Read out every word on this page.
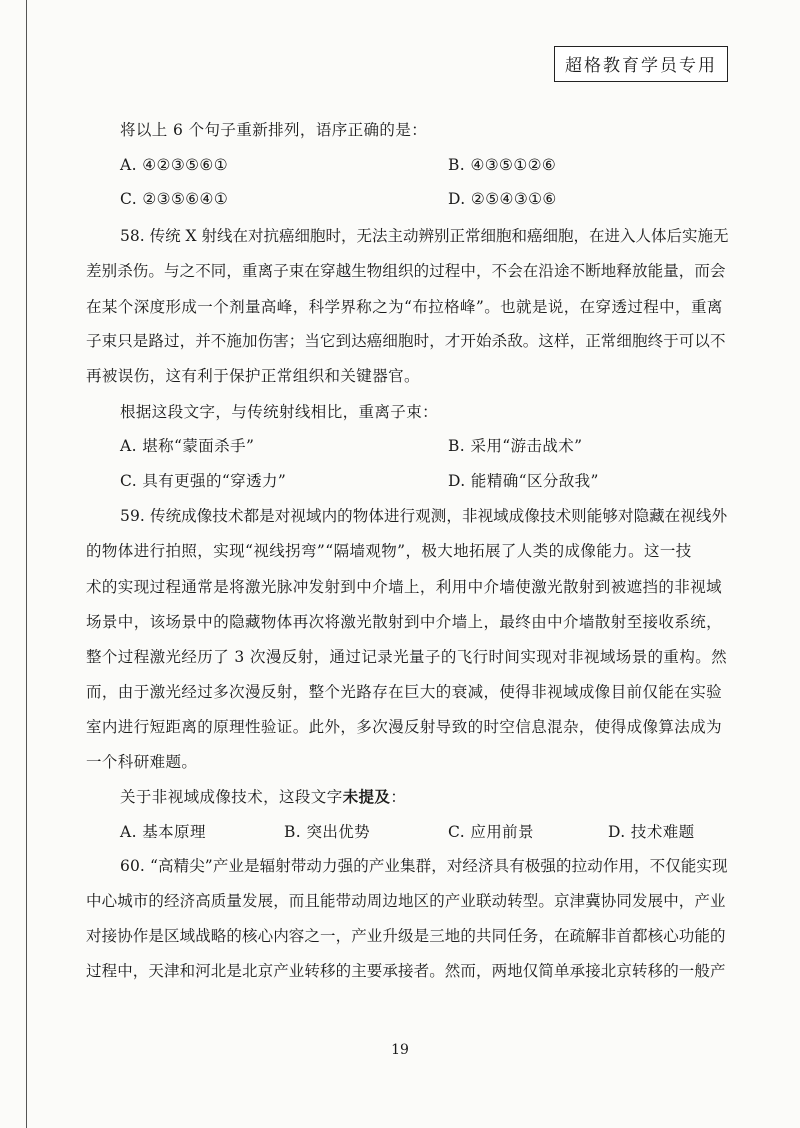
超格教育学员专用
将以上 6 个句子重新排列，语序正确的是：
A. ④②③⑤⑥①	B. ④③⑤①②⑥
C. ②③⑤⑥④①	D. ②⑤④③①⑥
58. 传统 X 射线在对抗癌细胞时，无法主动辨别正常细胞和癌细胞，在进入人体后实施无
差别杀伤。与之不同，重离子束在穿越生物组织的过程中，不会在沿途不断地释放能量，而会
在某个深度形成一个剂量高峰，科学界称之为“布拉格峰”。也就是说，在穿透过程中，重离
子束只是路过，并不施加伤害；当它到达癌细胞时，才开始杀敌。这样，正常细胞终于可以不
再被误伤，这有利于保护正常组织和关键器官。
根据这段文字，与传统射线相比，重离子束：
A. 堪称“蒙面杀手”	B. 采用“游击战术”
C. 具有更强的“穿透力”	D. 能精确“区分敌我”
59. 传统成像技术都是对视域内的物体进行观测，非视域成像技术则能够对隐藏在视线外
的物体进行拍照，实现“视线拐弯”“隔墙观物”，极大地拓展了人类的成像能力。这一技
术的实现过程通常是将激光脉冲发射到中介墙上，利用中介墙使激光散射到被遮挡的非视域
场景中，该场景中的隐藏物体再次将激光散射到中介墙上，最终由中介墙散射至接收系统，
整个过程激光经历了 3 次漫反射，通过记录光量子的飞行时间实现对非视域场景的重构。然
而，由于激光经过多次漫反射，整个光路存在巨大的衰减，使得非视域成像目前仅能在实验
室内进行短距离的原理性验证。此外，多次漫反射导致的时空信息混杂，使得成像算法成为
一个科研难题。
关于非视域成像技术，这段文字未提及：
A. 基本原理	B. 突出优势	C. 应用前景	D. 技术难题
60. “高精尖”产业是辐射带动力强的产业集群，对经济具有极强的拉动作用，不仅能实现
中心城市的经济高质量发展，而且能带动周边地区的产业联动转型。京津冀协同发展中，产业
对接协作是区域战略的核心内容之一，产业升级是三地的共同任务，在疏解非首都核心功能的
过程中，天津和河北是北京产业转移的主要承接者。然而，两地仅简单承接北京转移的一般产
19
